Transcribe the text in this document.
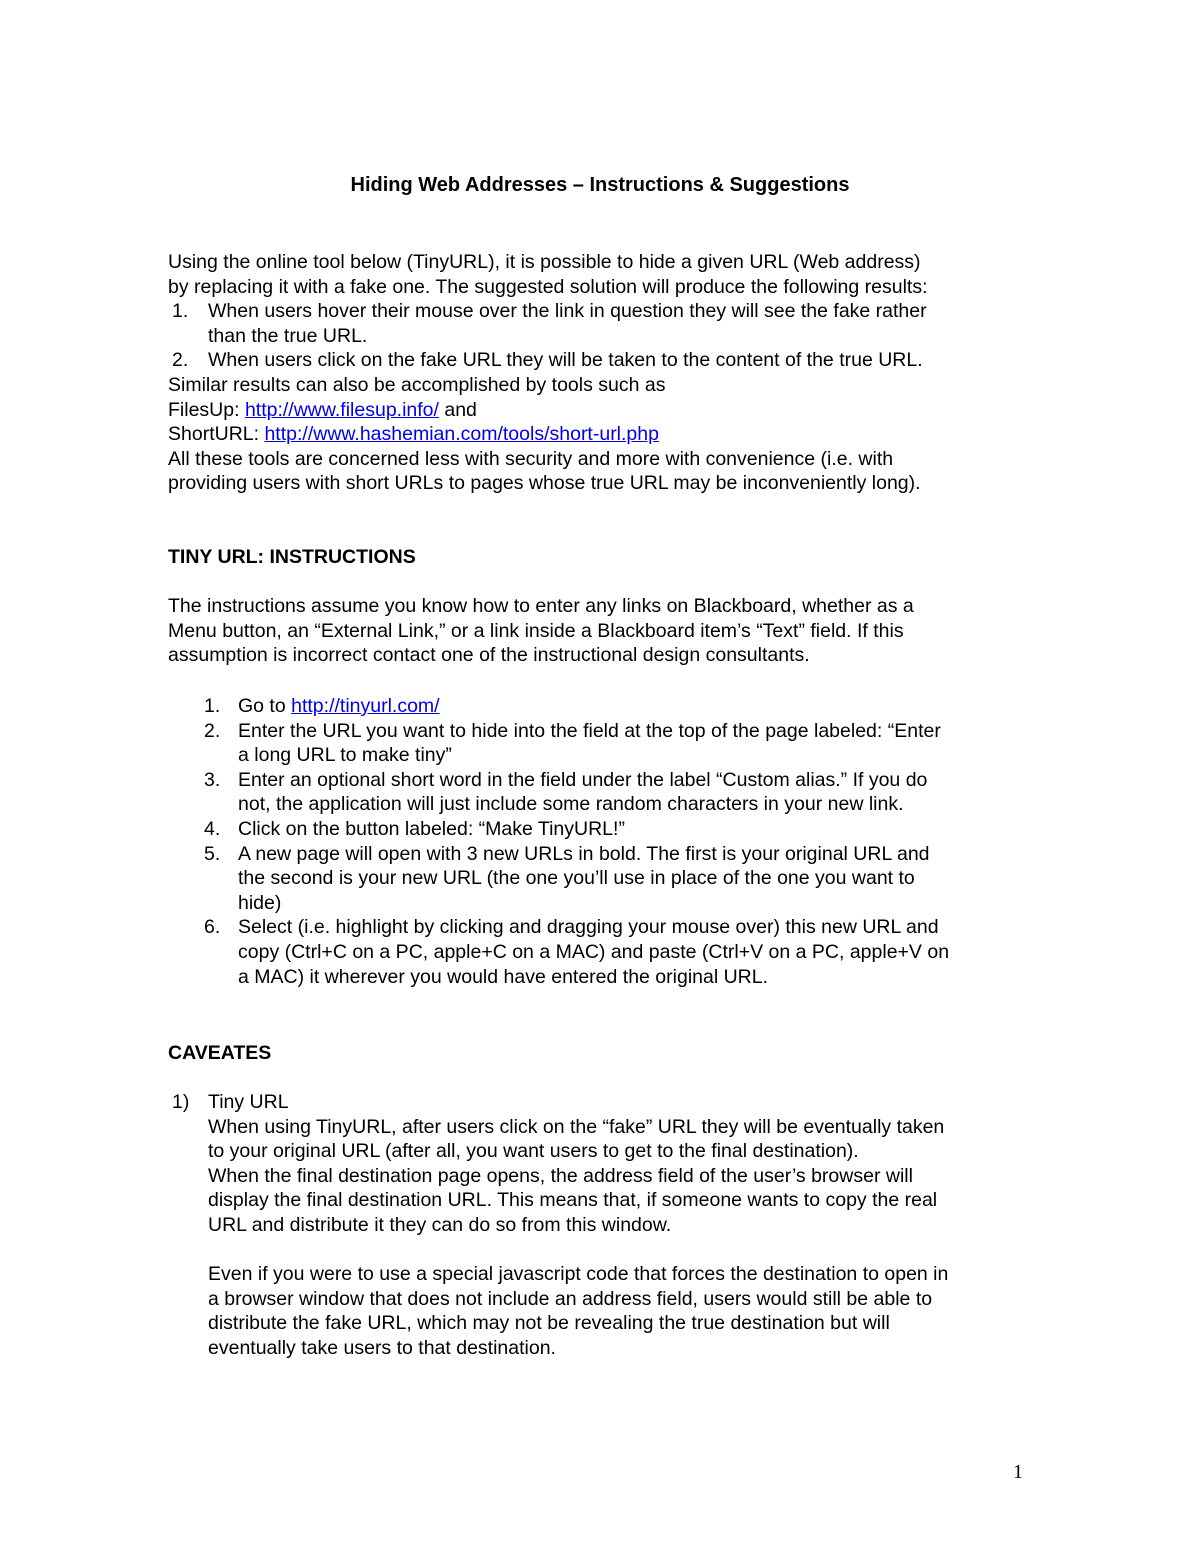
Hiding Web Addresses – Instructions & Suggestions
Using the online tool below (TinyURL), it is possible to hide a given URL (Web address)
by replacing it with a fake one. The suggested solution will produce the following results:
1. When users hover their mouse over the link in question they will see the fake rather
than the true URL.
2. When users click on the fake URL they will be taken to the content of the true URL.
Similar results can also be accomplished by tools such as
FilesUp: http://www.filesup.info/ and
ShortURL: http://www.hashemian.com/tools/short-url.php
All these tools are concerned less with security and more with convenience (i.e. with
providing users with short URLs to pages whose true URL may be inconveniently long).
TINY URL: INSTRUCTIONS
The instructions assume you know how to enter any links on Blackboard, whether as a
Menu button, an “External Link,” or a link inside a Blackboard item’s “Text” field. If this
assumption is incorrect contact one of the instructional design consultants.
1. Go to http://tinyurl.com/
2. Enter the URL you want to hide into the field at the top of the page labeled: “Enter
a long URL to make tiny”
3. Enter an optional short word in the field under the label “Custom alias.” If you do
not, the application will just include some random characters in your new link.
4. Click on the button labeled: “Make TinyURL!”
5. A new page will open with 3 new URLs in bold. The first is your original URL and
the second is your new URL (the one you’ll use in place of the one you want to
hide)
6. Select (i.e. highlight by clicking and dragging your mouse over) this new URL and
copy (Ctrl+C on a PC, apple+C on a MAC) and paste (Ctrl+V on a PC, apple+V on
a MAC) it wherever you would have entered the original URL.
CAVEATES
1) Tiny URL
When using TinyURL, after users click on the “fake” URL they will be eventually taken
to your original URL (after all, you want users to get to the final destination).
When the final destination page opens, the address field of the user’s browser will
display the final destination URL. This means that, if someone wants to copy the real
URL and distribute it they can do so from this window.
Even if you were to use a special javascript code that forces the destination to open in
a browser window that does not include an address field, users would still be able to
distribute the fake URL, which may not be revealing the true destination but will
eventually take users to that destination.
1
